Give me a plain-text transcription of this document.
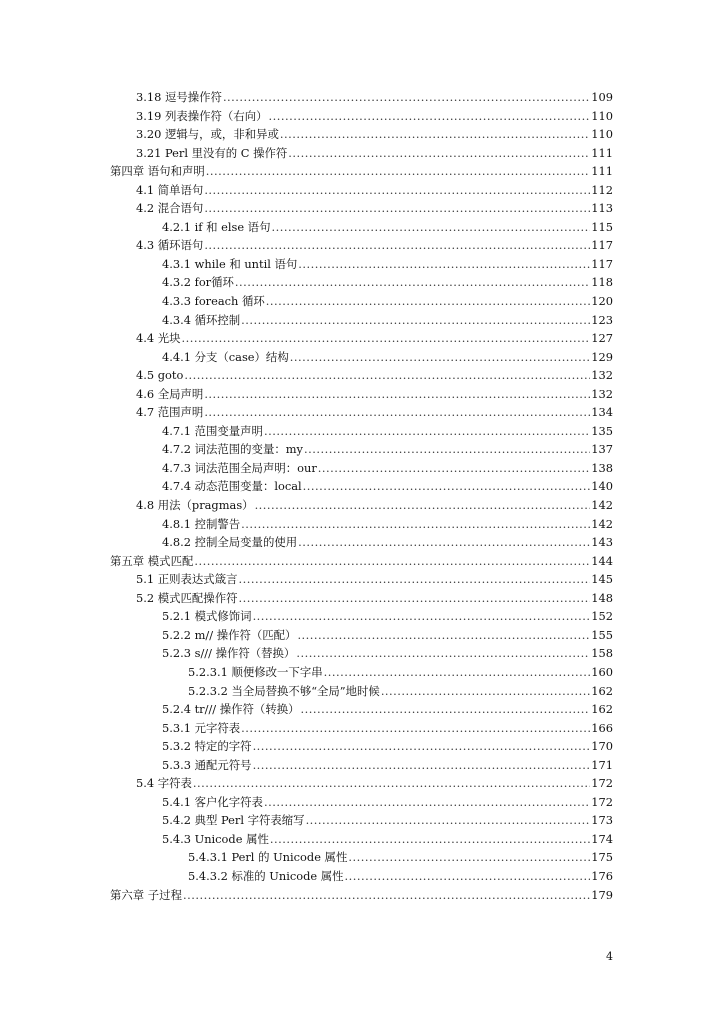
3.18 逗号操作符 .....	109
3.19 列表操作符（右向） .....	110
3.20 逻辑与，或，非和异或 .....	110
3.21 Perl 里没有的 C 操作符 .....	111
第四章 语句和声明 .....	111
4.1 简单语句 .....	112
4.2 混合语句 .....	113
4.2.1 if 和 else 语句 .....	115
4.3 循环语句 .....	117
4.3.1 while 和 until 语句 .....	117
4.3.2 for循环 .....	118
4.3.3 foreach 循环 .....	120
4.3.4 循环控制 .....	123
4.4 光块 .....	127
4.4.1 分支（case）结构 .....	129
4.5 goto .....	132
4.6 全局声明 .....	132
4.7 范围声明 .....	134
4.7.1 范围变量声明 .....	135
4.7.2 词法范围的变量：my .....	137
4.7.3 词法范围全局声明：our .....	138
4.7.4 动态范围变量：local .....	140
4.8 用法（pragmas） .....	142
4.8.1 控制警告 .....	142
4.8.2 控制全局变量的使用 .....	143
第五章 模式匹配 .....	144
5.1 正则表达式箴言 .....	145
5.2 模式匹配操作符 .....	148
5.2.1 模式修饰词 .....	152
5.2.2 m// 操作符（匹配） .....	155
5.2.3 s/// 操作符（替换） .....	158
5.2.3.1 顺便修改一下字串 .....	160
5.2.3.2 当全局替换不够“全局”地时候 .....	162
5.2.4 tr/// 操作符（转换） .....	162
5.3.1 元字符表 .....	166
5.3.2 特定的字符 .....	170
5.3.3 通配元符号 .....	171
5.4 字符表 .....	172
5.4.1 客户化字符表 .....	172
5.4.2 典型 Perl 字符表缩写 .....	173
5.4.3 Unicode 属性 .....	174
5.4.3.1 Perl 的 Unicode 属性 .....	175
5.4.3.2 标准的 Unicode 属性 .....	176
第六章 子过程 .....	179
4
